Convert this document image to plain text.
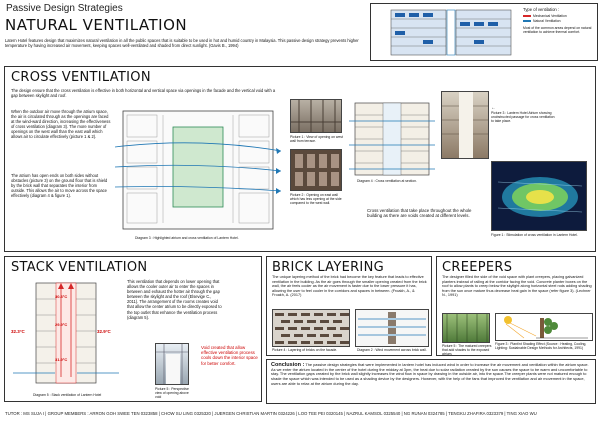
Passive Design Strategies
NATURAL VENTILATION
Latern Hotel features design that maximizes natural ventilation in all the public spaces that is suitable to be used in hot and humid country in Malaysia. This passive design strategy prevents higher temperature by having increased air movement, keeping spaces well-ventilated and shaded from direct sunlight. (Gavis B., 1994)
Type of ventilation :
Mechanical Ventilation
Natural Ventilation
Most of the common areas depend on natural ventilation to achieve thermal comfort.
CROSS VENTILATION
The design ensure that the cross ventilation is effective in both horizontal and vertical space via openings in the facade and the vertical void with a gap between skylight and roof.
When the outdoor air move through the atrium space, the air is circulated through as the openings are faced at the wind-ward direction, increasing the effectiveness of cross ventilation (diagram 3). The more number of openings on the west wall than the east wall which allows air to circulate effectively (picture 1 & 2).
The atrium has open ends on both sides without obstacles (picture 3) on the ground floor that is shield by the brick wall that separates the interior from outside. This allows the air to move across the space effectively (diagram 4 & figure 1).
Diagram 3 : Highlighted atrium and cross ventilation of Lantern Hotel.
Picture 1 : View of opening on west wall from terrace.
Picture 2 : Opening on east wall which has less opening at the side compared to the west wall.
Diagram 4 : Cross ventilation at section.
Picture 3 : Lantern Hotel Atrium showing unobstructed passage for cross ventilation to take place.
←
Figure 1 : Stimulation of cross ventilation in Lantern Hotel.
Cross ventilation that take place throughout the whole building as there are voids created at different levels.
STACK VENTILATION
30.3°C
29.9°C
32.3°C	32.9°C
31.9°C
Diagram 5 : Stack ventilation of Lantern Hotel
This ventilation that depends on lower opening that allows the cooler outer air to enter the spaces in between and exhaust the hotter air through the gap between the skylight and the roof (Elsevige C., 2011). The arrangement of the rooms creates void that allow the center atrium to be directly exposed to the top outlet that enhance the ventilation process (diagram 5).
Picture 5 : Perspective view of opening above void
Void created that allow effective ventilation process cools down the interior space for better comfort.
BRICK LAYERING
The unique layering method of the brick had become the key feature that leads to effective ventilation in the building. As the air goes through the smaller opening created from the brick wall, the air feels cooler as the air movement is faster due to the lower pressure it has, allowing the user to feel cooler in the corridors and spaces in between. (Froakh, A., & Froakh, A. (2017)
Picture 4 : Layering of bricks on the facade.	Diagram 2 : Wind movement across brick wall.
CREEPERS
The designer filled the side of the void space with plant creepers, placing galvanized planters instead of railing at the corridor facing the void. Concrete planter boxes on the roof to allow plants to creep below the skylight along horizontal steel rods adding shading from the sun once mature thus decrease heat gain in the space (refer figure 3). (Lechner N., 1991)
Picture 5 : The matured creepers that add shades to the exposed atrium.
Figure 3 : Plant/nt Shading Effect (Source : Heating, Cooling, Lighting: Sustainable Design Methods for Architects, 1991)
Conclusion : The passive design strategies that were implemented in lantern hotel has induced wind in order to increase the air movement and ventilation within the atrium space. As we enter the atrium located in the center of the hotel during the midday at 3pm, the heat due to solar radiation created by the sun causes the space to be warm and uncomfortable to stay. The ventilation gaps created by the brick wall slightly increases the wind flow in space by drawing in the outside air, into the space.The creeper plants were not matured enough to shade the space which was intended to be used as a shading device by the designers. However, with the help of the fans that improved the ventilation and air movement in the space, users are able to relax at the atrium during the day.
TUTOR : MS SUJA I | GROUP MEMBERS : ARRON GOH SWEE TEN 0323858 | CHOW SU LING 0325320 | JUERGEN CHRISTIAN MARTIN 0324226 | LOO TEE PEI 0320145 | NAZRUL KAMSOL 0325540 | NG RUNAN 0324785 | TENGKU ZHAFIRA 0323379 | TING XIAO WU
